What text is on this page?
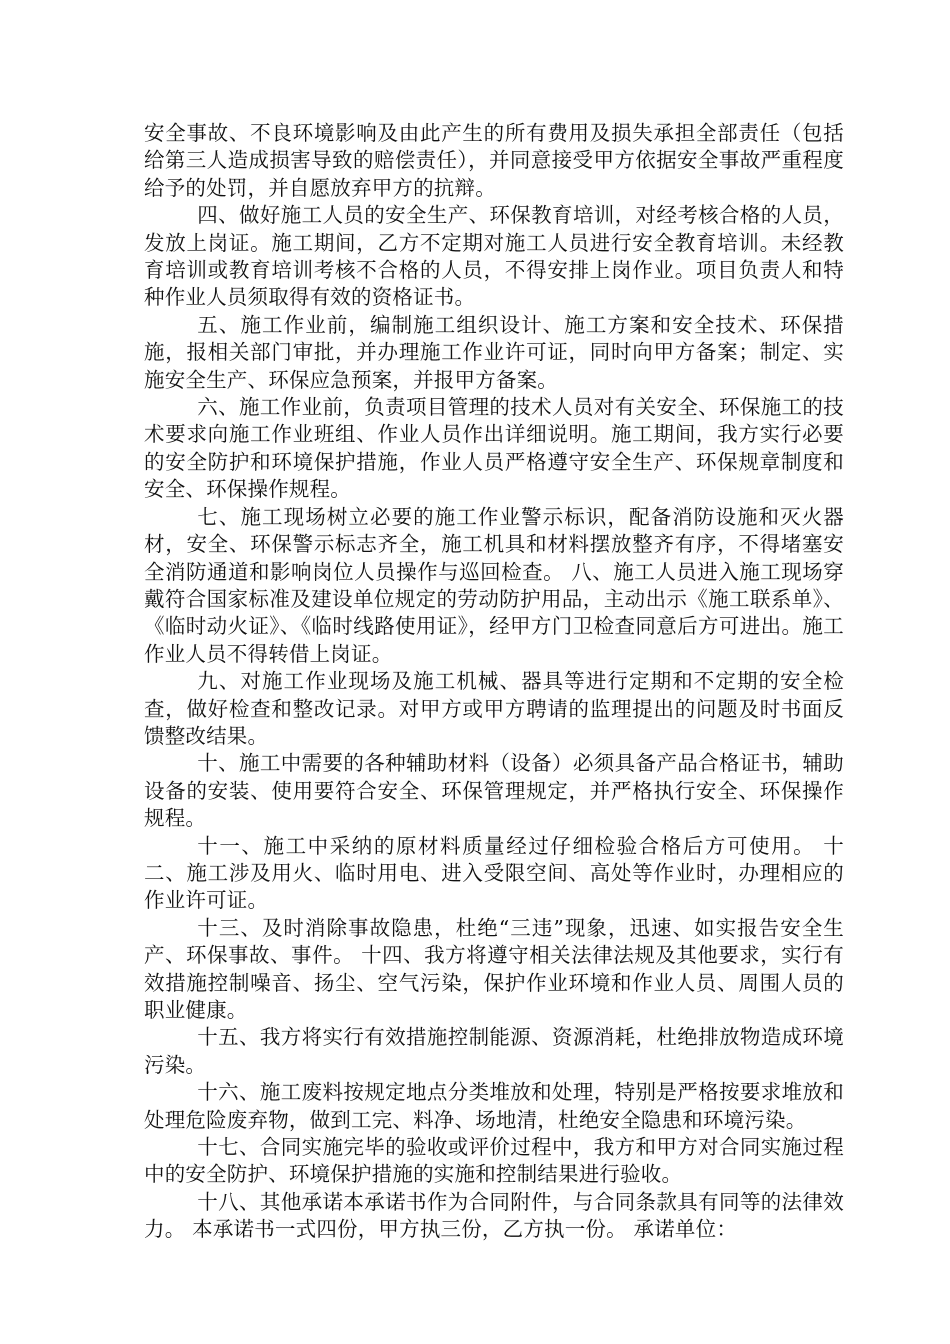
安全事故、不良环境影响及由此产生的所有费用及损失承担全部责任（包括给第三人造成损害导致的赔偿责任），并同意接受甲方依据安全事故严重程度给予的处罚，并自愿放弃甲方的抗辩。

四、做好施工人员的安全生产、环保教育培训，对经考核合格的人员，发放上岗证。施工期间，乙方不定期对施工人员进行安全教育培训。未经教育培训或教育培训考核不合格的人员，不得安排上岗作业。项目负责人和特种作业人员须取得有效的资格证书。

五、施工作业前，编制施工组织设计、施工方案和安全技术、环保措施，报相关部门审批，并办理施工作业许可证，同时向甲方备案；制定、实施安全生产、环保应急预案，并报甲方备案。

六、施工作业前，负责项目管理的技术人员对有关安全、环保施工的技术要求向施工作业班组、作业人员作出详细说明。施工期间，我方实行必要的安全防护和环境保护措施，作业人员严格遵守安全生产、环保规章制度和安全、环保操作规程。

七、施工现场树立必要的施工作业警示标识，配备消防设施和灭火器材，安全、环保警示标志齐全，施工机具和材料摆放整齐有序，不得堵塞安全消防通道和影响岗位人员操作与巡回检查。 八、施工人员进入施工现场穿戴符合国家标准及建设单位规定的劳动防护用品，主动出示《施工联系单》、《临时动火证》、《临时线路使用证》，经甲方门卫检查同意后方可进出。施工作业人员不得转借上岗证。

九、对施工作业现场及施工机械、器具等进行定期和不定期的安全检查，做好检查和整改记录。对甲方或甲方聘请的监理提出的问题及时书面反馈整改结果。

十、施工中需要的各种辅助材料（设备）必须具备产品合格证书，辅助设备的安装、使用要符合安全、环保管理规定，并严格执行安全、环保操作规程。

十一、施工中采纳的原材料质量经过仔细检验合格后方可使用。 十二、施工涉及用火、临时用电、进入受限空间、高处等作业时，办理相应的作业许可证。

十三、及时消除事故隐患，杜绝“三违”现象，迅速、如实报告安全生产、环保事故、事件。 十四、我方将遵守相关法律法规及其他要求，实行有效措施控制噪音、扬尘、空气污染，保护作业环境和作业人员、周围人员的职业健康。

十五、我方将实行有效措施控制能源、资源消耗，杜绝排放物造成环境污染。

十六、施工废料按规定地点分类堆放和处理，特别是严格按要求堆放和处理危险废弃物，做到工完、料净、场地清，杜绝安全隐患和环境污染。

十七、合同实施完毕的验收或评价过程中，我方和甲方对合同实施过程中的安全防护、环境保护措施的实施和控制结果进行验收。

十八、其他承诺本承诺书作为合同附件，与合同条款具有同等的法律效力。 本承诺书一式四份，甲方执三份，乙方执一份。 承诺单位：
